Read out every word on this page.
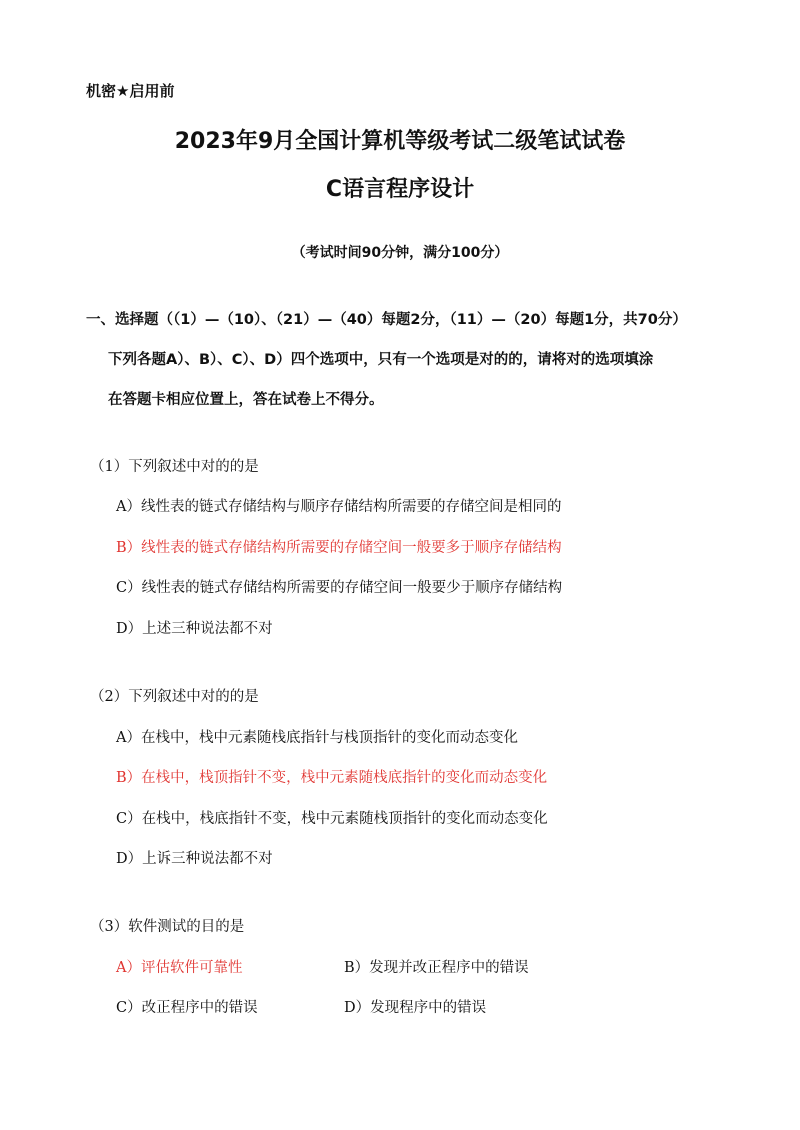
机密★启用前
2023年9月全国计算机等级考试二级笔试试卷
C语言程序设计
（考试时间90分钟，满分100分）
一、选择题（（1）—（10）、（21）—（40）每题2分，（11）—（20）每题1分，共70分）
下列各题A）、B）、C）、D）四个选项中，只有一个选项是对的的，请将对的选项填涂
在答题卡相应位置上，答在试卷上不得分。
（1）下列叙述中对的的是
A）线性表的链式存储结构与顺序存储结构所需要的存储空间是相同的
B）线性表的链式存储结构所需要的存储空间一般要多于顺序存储结构
C）线性表的链式存储结构所需要的存储空间一般要少于顺序存储结构
D）上述三种说法都不对
（2）下列叙述中对的的是
A）在栈中，栈中元素随栈底指针与栈顶指针的变化而动态变化
B）在栈中，栈顶指针不变，栈中元素随栈底指针的变化而动态变化
C）在栈中，栈底指针不变，栈中元素随栈顶指针的变化而动态变化
D）上诉三种说法都不对
（3）软件测试的目的是
A）评估软件可靠性	B）发现并改正程序中的错误
C）改正程序中的错误	D）发现程序中的错误
